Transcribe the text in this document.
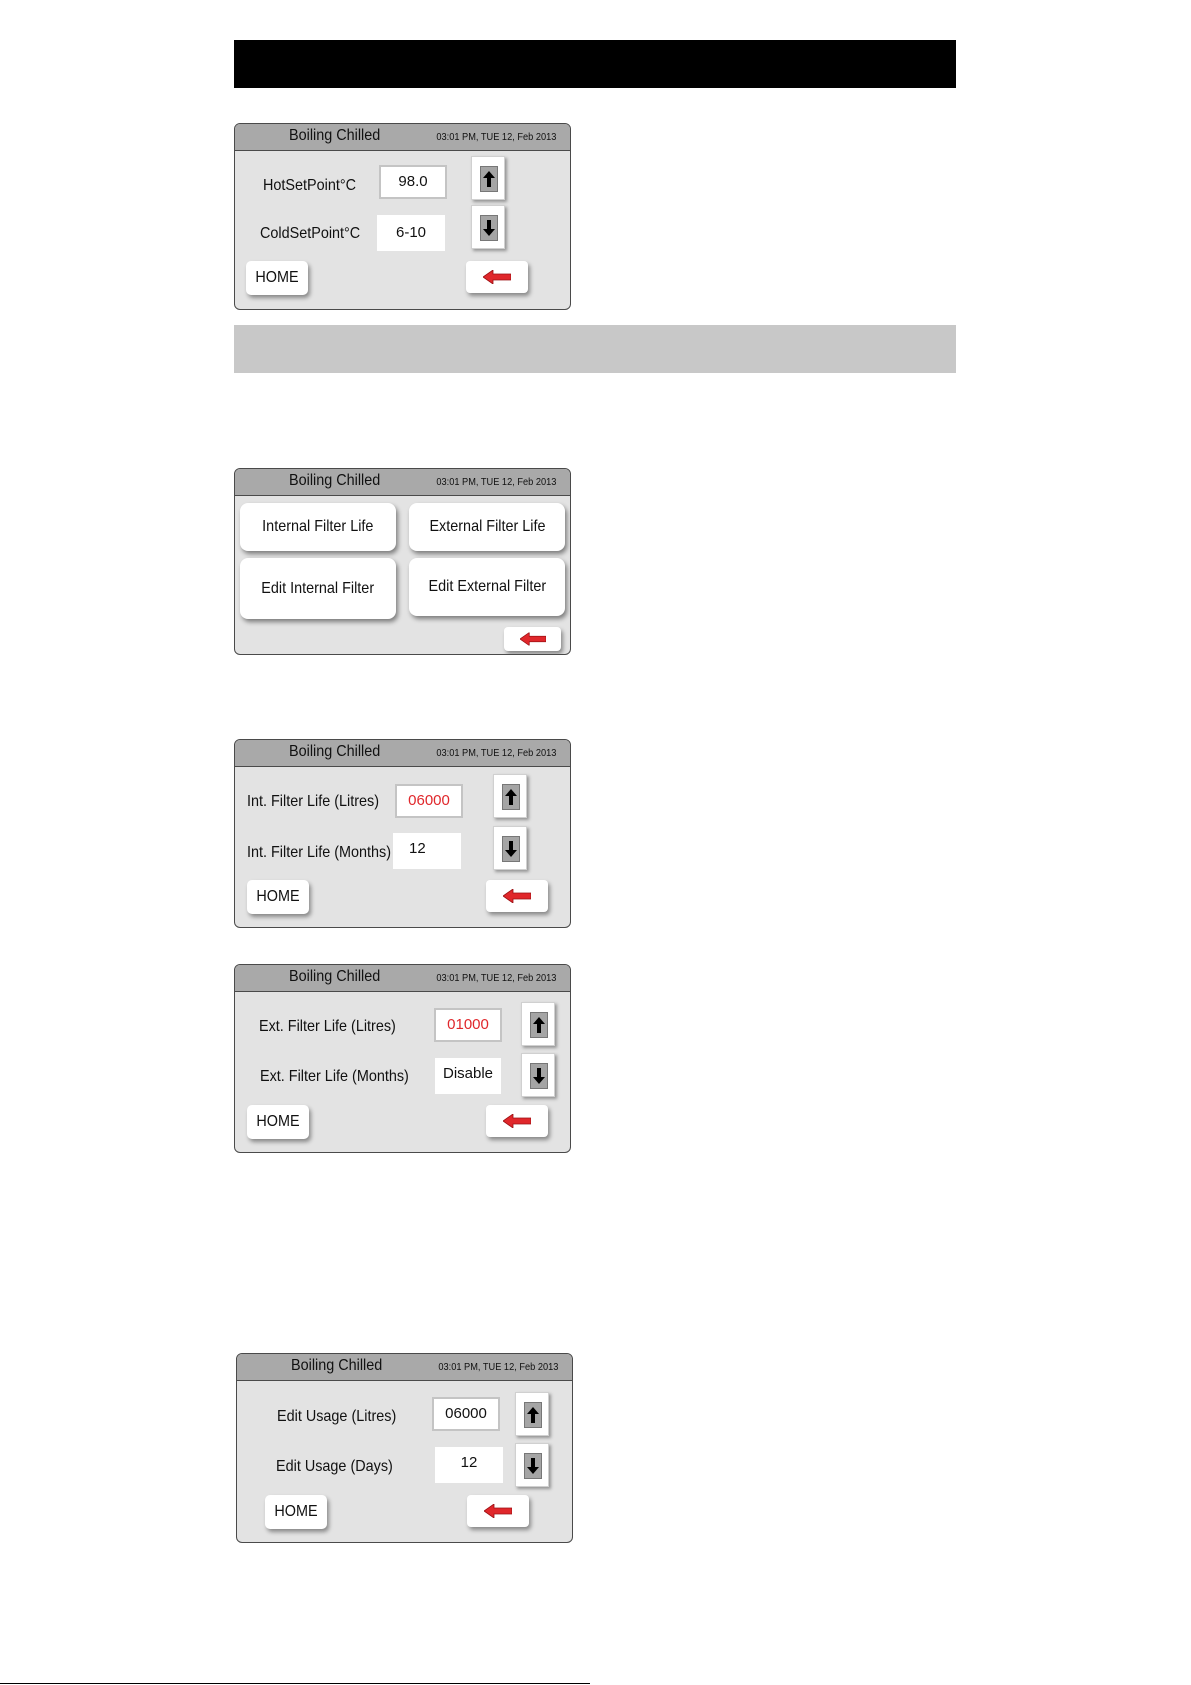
Boiling Chilled	03:01 PM, TUE 12, Feb 2013
HotSetPoint°C	98.0
ColdSetPoint°C	6-10
HOME
Boiling Chilled	03:01 PM, TUE 12, Feb 2013
Internal Filter Life	External Filter Life
Edit Internal Filter	Edit External Filter
Boiling Chilled	03:01 PM, TUE 12, Feb 2013
Int. Filter Life (Litres)	06000
Int. Filter Life (Months)	12
HOME
Boiling Chilled	03:01 PM, TUE 12, Feb 2013
Ext. Filter Life (Litres)	01000
Ext. Filter Life (Months)	Disable
HOME
Boiling Chilled	03:01 PM, TUE 12, Feb 2013
Edit Usage (Litres)	06000
Edit Usage (Days)	12
HOME
